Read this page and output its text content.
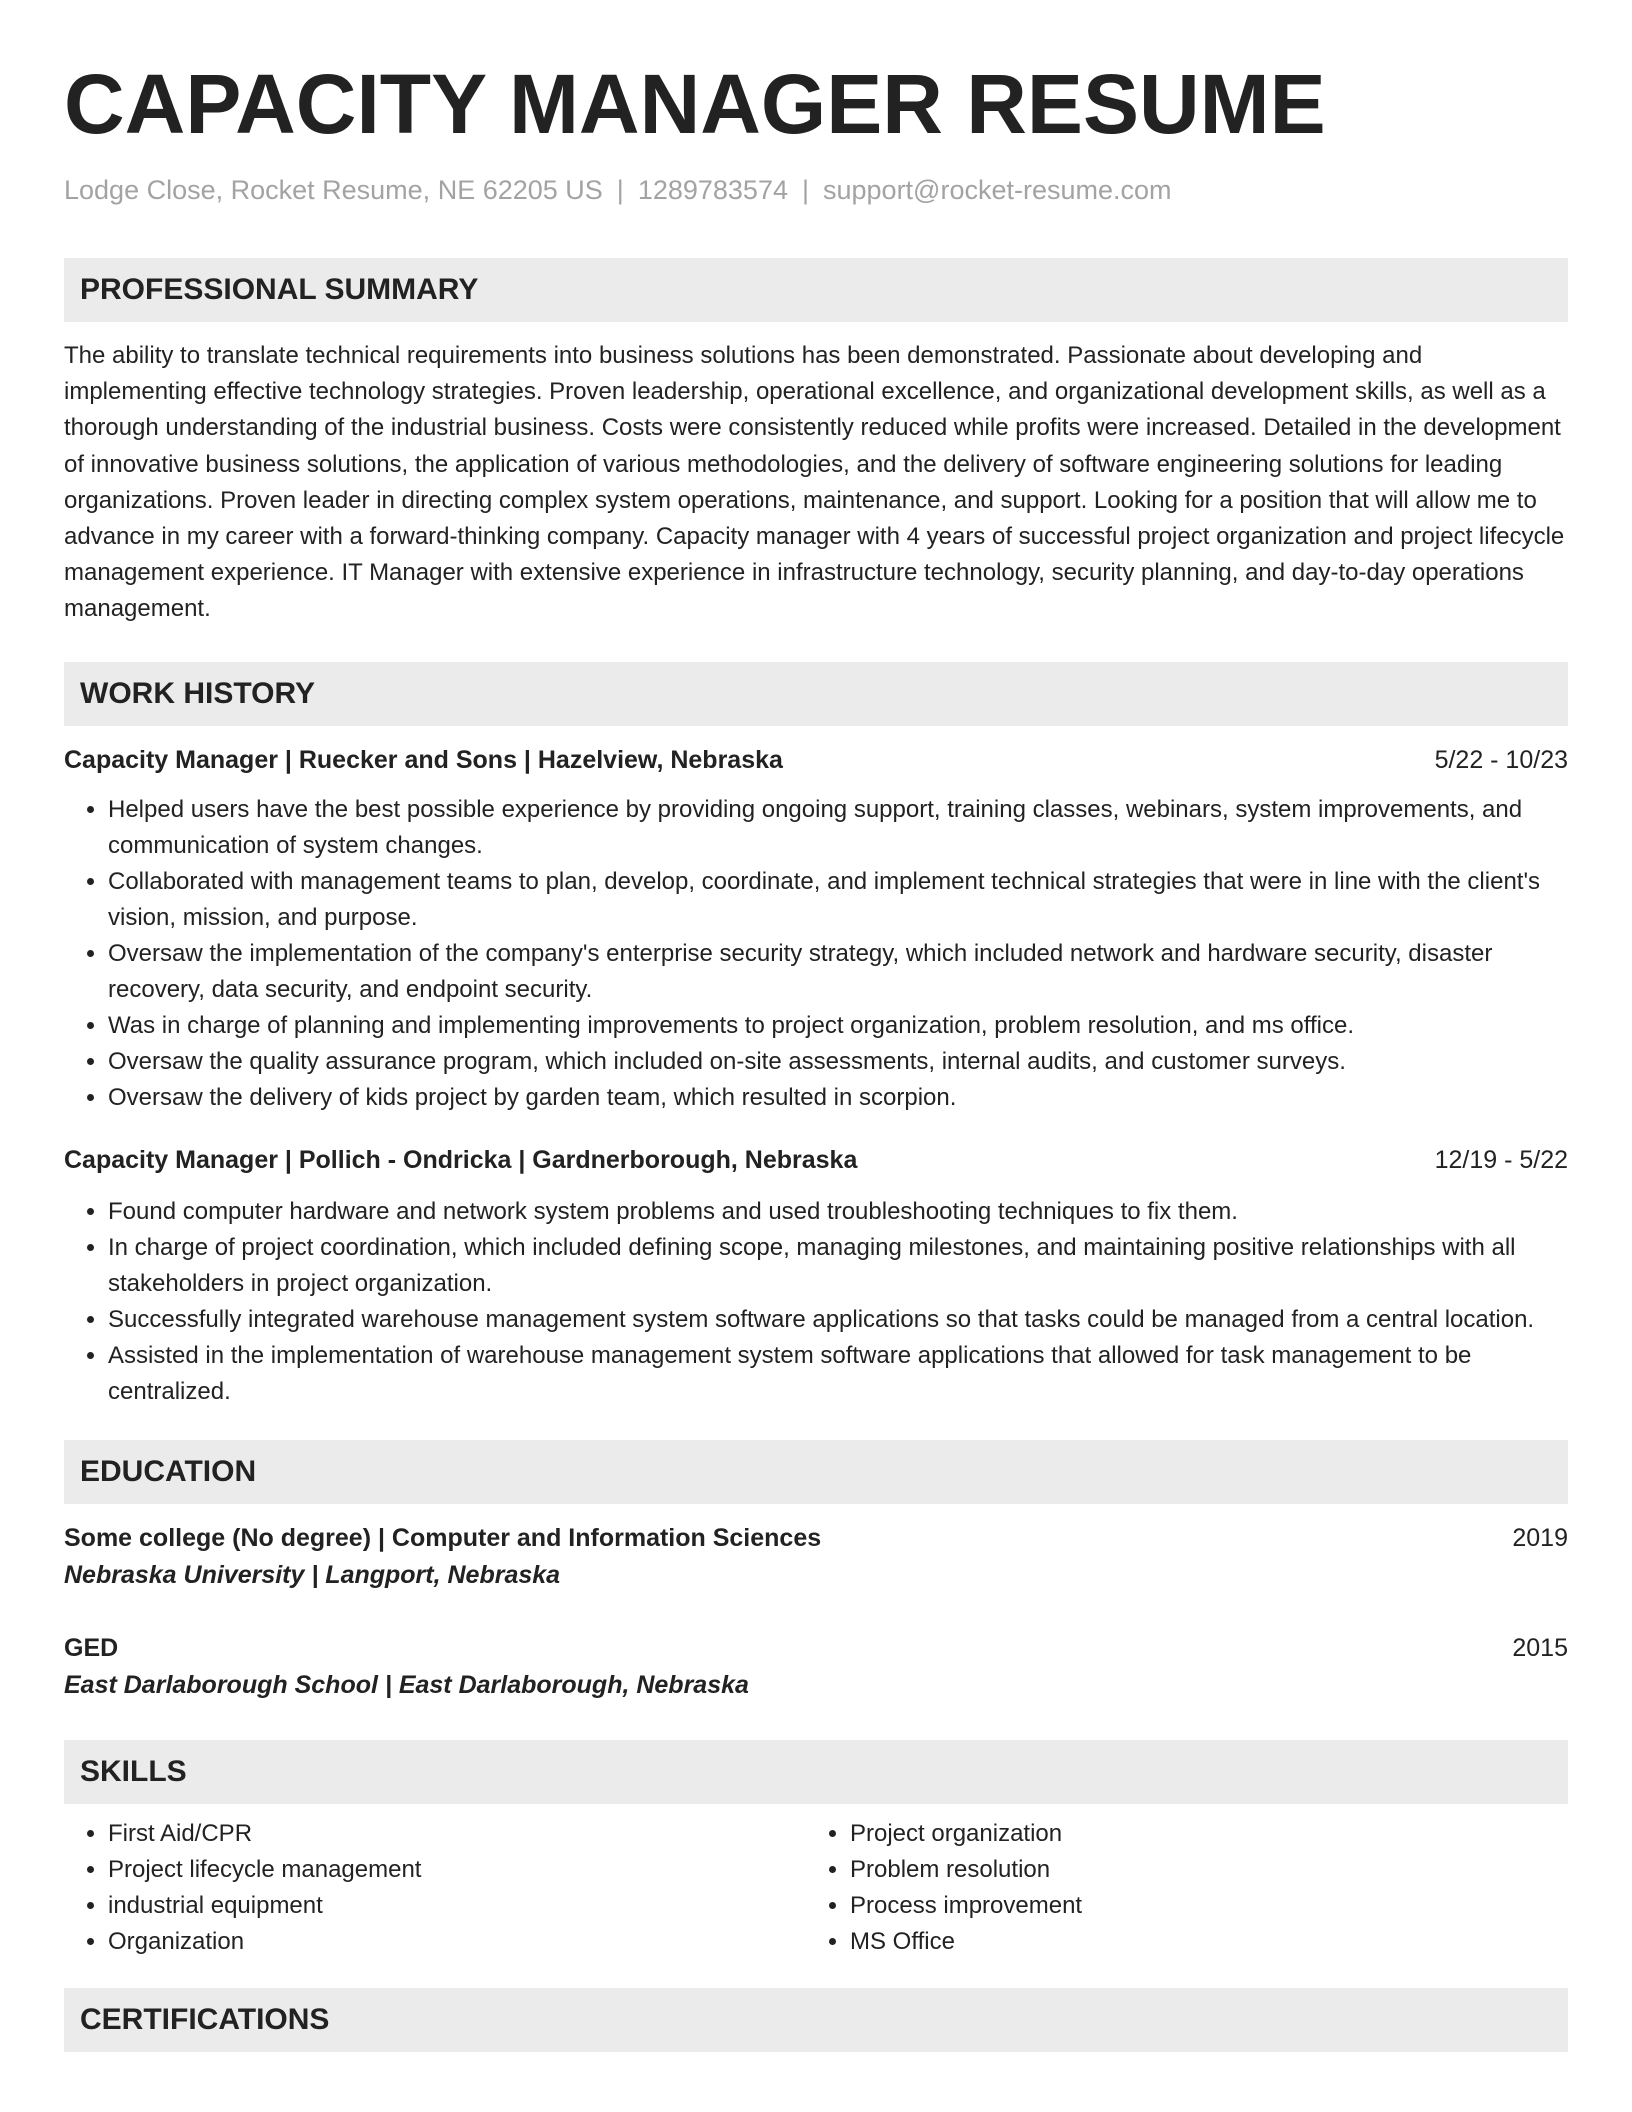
CAPACITY MANAGER RESUME
Lodge Close, Rocket Resume, NE 62205 US | 1289783574 | support@rocket-resume.com
PROFESSIONAL SUMMARY

The ability to translate technical requirements into business solutions has been demonstrated. Passionate about developing and implementing effective technology strategies. Proven leadership, operational excellence, and organizational development skills, as well as a thorough understanding of the industrial business. Costs were consistently reduced while profits were increased. Detailed in the development of innovative business solutions, the application of various methodologies, and the delivery of software engineering solutions for leading organizations. Proven leader in directing complex system operations, maintenance, and support. Looking for a position that will allow me to advance in my career with a forward-thinking company. Capacity manager with 4 years of successful project organization and project lifecycle management experience. IT Manager with extensive experience in infrastructure technology, security planning, and day-to-day operations management.

WORK HISTORY
Capacity Manager | Ruecker and Sons | Hazelview, Nebraska	5/22 - 10/23
• Helped users have the best possible experience by providing ongoing support, training classes, webinars, system improvements, and communication of system changes.
• Collaborated with management teams to plan, develop, coordinate, and implement technical strategies that were in line with the client's vision, mission, and purpose.
• Oversaw the implementation of the company's enterprise security strategy, which included network and hardware security, disaster recovery, data security, and endpoint security.
• Was in charge of planning and implementing improvements to project organization, problem resolution, and ms office.
• Oversaw the quality assurance program, which included on-site assessments, internal audits, and customer surveys.
• Oversaw the delivery of kids project by garden team, which resulted in scorpion.
Capacity Manager | Pollich - Ondricka | Gardnerborough, Nebraska	12/19 - 5/22
• Found computer hardware and network system problems and used troubleshooting techniques to fix them.
• In charge of project coordination, which included defining scope, managing milestones, and maintaining positive relationships with all stakeholders in project organization.
• Successfully integrated warehouse management system software applications so that tasks could be managed from a central location.
• Assisted in the implementation of warehouse management system software applications that allowed for task management to be centralized.
EDUCATION
Some college (No degree) | Computer and Information Sciences	2019
Nebraska University | Langport, Nebraska
GED	2015
East Darlaborough School | East Darlaborough, Nebraska
SKILLS
• First Aid/CPR
• Project lifecycle management
• industrial equipment
• Organization
• Project organization
• Problem resolution
• Process improvement
• MS Office
CERTIFICATIONS
